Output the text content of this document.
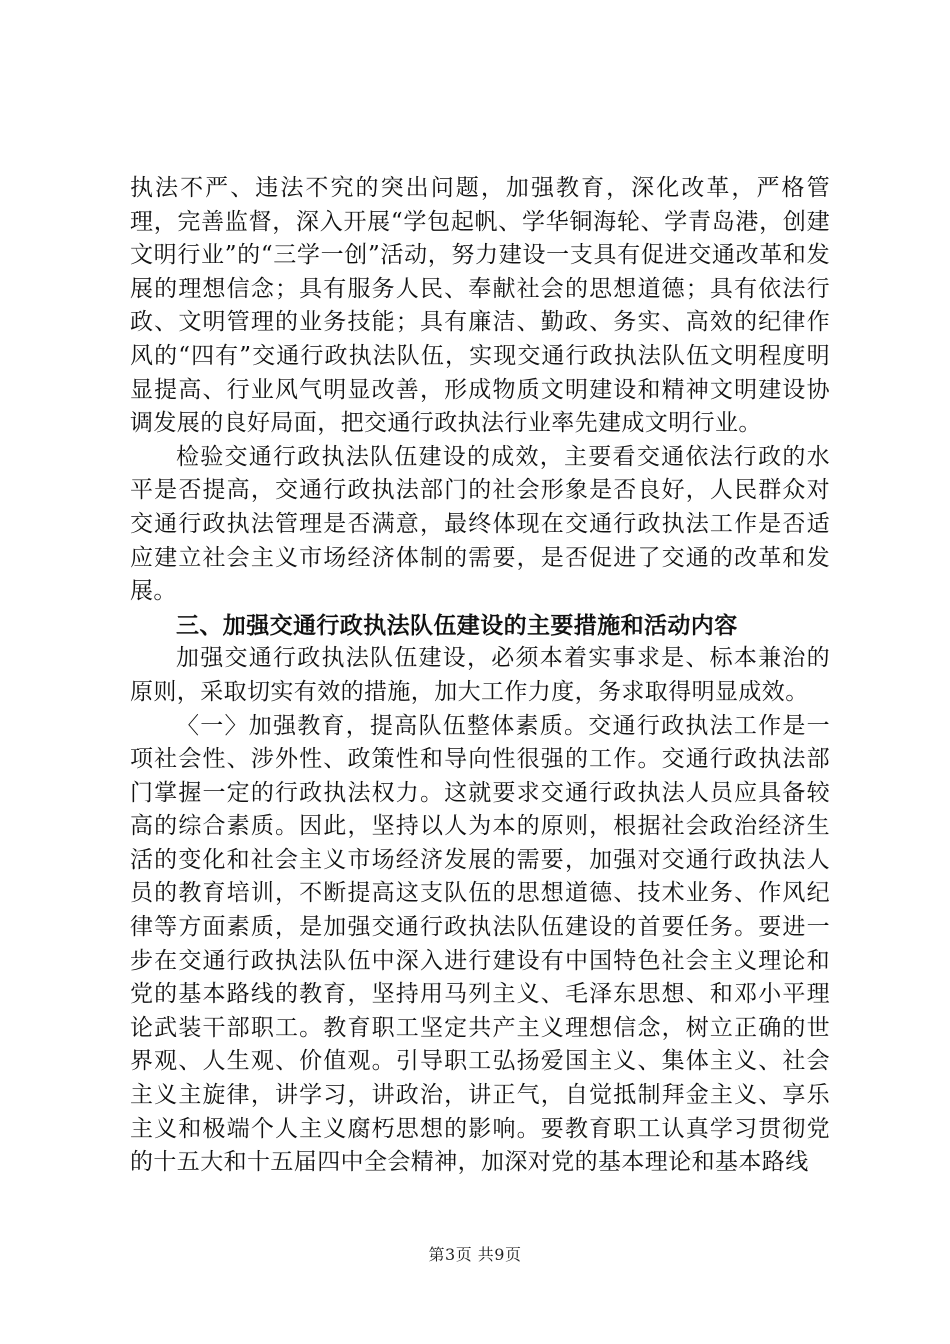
执法不严、违法不究的突出问题，加强教育，深化改革，严格管理，完善监督，深入开展“学包起帆、学华铜海轮、学青岛港，创建文明行业”的“三学一创”活动，努力建设一支具有促进交通改革和发展的理想信念；具有服务人民、奉献社会的思想道德；具有依法行政、文明管理的业务技能；具有廉洁、勤政、务实、高效的纪律作风的“四有”交通行政执法队伍，实现交通行政执法队伍文明程度明显提高、行业风气明显改善，形成物质文明建设和精神文明建设协调发展的良好局面，把交通行政执法行业率先建成文明行业。

检验交通行政执法队伍建设的成效，主要看交通依法行政的水平是否提高，交通行政执法部门的社会形象是否良好，人民群众对交通行政执法管理是否满意，最终体现在交通行政执法工作是否适应建立社会主义市场经济体制的需要，是否促进了交通的改革和发展。

三、加强交通行政执法队伍建设的主要措施和活动内容

加强交通行政执法队伍建设，必须本着实事求是、标本兼治的原则，采取切实有效的措施，加大工作力度，务求取得明显成效。

〈一〉加强教育，提高队伍整体素质。交通行政执法工作是一项社会性、涉外性、政策性和导向性很强的工作。交通行政执法部门掌握一定的行政执法权力。这就要求交通行政执法人员应具备较高的综合素质。因此，坚持以人为本的原则，根据社会政治经济生活的变化和社会主义市场经济发展的需要，加强对交通行政执法人员的教育培训，不断提高这支队伍的思想道德、技术业务、作风纪律等方面素质，是加强交通行政执法队伍建设的首要任务。要进一步在交通行政执法队伍中深入进行建设有中国特色社会主义理论和党的基本路线的教育，坚持用马列主义、毛泽东思想、和邓小平理论武装干部职工。教育职工坚定共产主义理想信念，树立正确的世界观、人生观、价值观。引导职工弘扬爱国主义、集体主义、社会主义主旋律，讲学习，讲政治，讲正气，自觉抵制拜金主义、享乐主义和极端个人主义腐朽思想的影响。要教育职工认真学习贯彻党的十五大和十五届四中全会精神，加深对党的基本理论和基本路线

第3页 共9页
